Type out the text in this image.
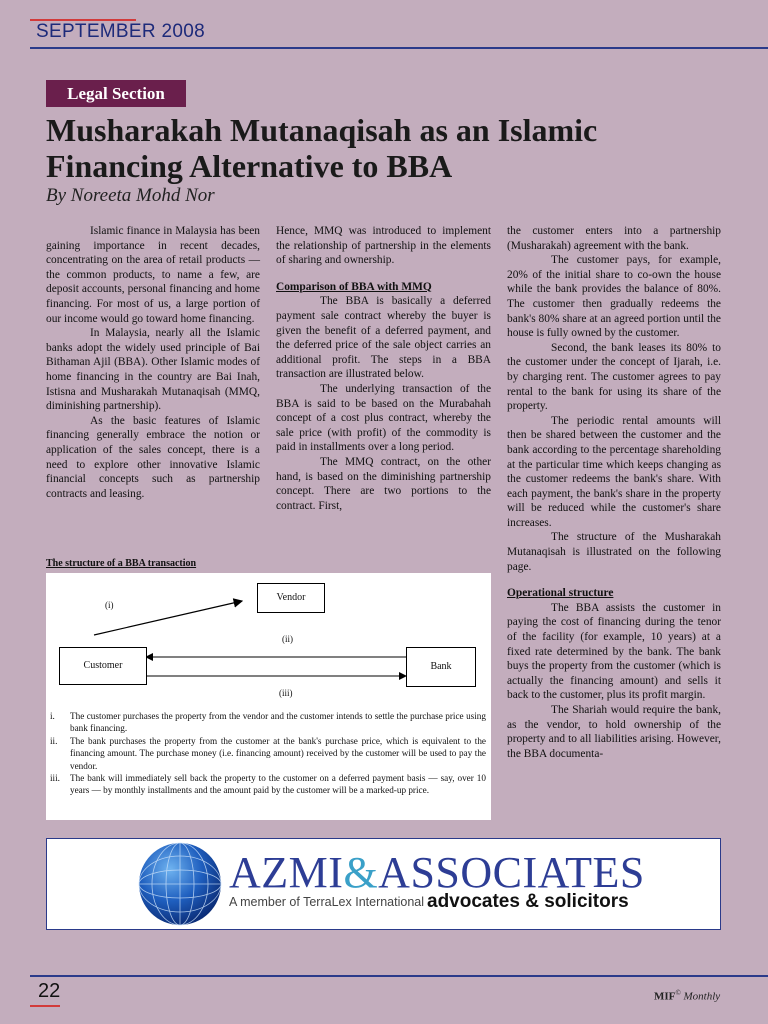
SEPTEMBER 2008
Legal Section
Musharakah Mutanaqisah as an Islamic
Financing Alternative to BBA
By Noreeta Mohd Nor

Islamic finance in Malaysia has been gaining importance in recent decades, concentrating on the area of retail products — the common products, to name a few, are deposit accounts, personal financing and home financing. For most of us, a large portion of our income would go toward home financing.

In Malaysia, nearly all the Islamic banks adopt the widely used principle of Bai Bithaman Ajil (BBA). Other Islamic modes of home financing in the country are Bai Inah, Istisna and Musharakah Mutanaqisah (MMQ, diminishing partnership).

As the basic features of Islamic financing generally embrace the notion or application of the sales concept, there is a need to explore other innovative Islamic financial concepts such as partnership contracts and leasing.

Hence, MMQ was introduced to implement the relationship of partnership in the elements of sharing and ownership.

Comparison of BBA with MMQ

The BBA is basically a deferred payment sale contract whereby the buyer is given the benefit of a deferred payment, and the deferred price of the sale object carries an additional profit. The steps in a BBA transaction are illustrated below.

The underlying transaction of the BBA is said to be based on the Murabahah concept of a cost plus contract, whereby the sale price (with profit) of the commodity is paid in installments over a long period.

The MMQ contract, on the other hand, is based on the diminishing partnership concept. There are two portions to the contract. First,

the customer enters into a partnership (Musharakah) agreement with the bank.

The customer pays, for example, 20% of the initial share to co-own the house while the bank provides the balance of 80%. The customer then gradually redeems the bank's 80% share at an agreed portion until the house is fully owned by the customer.

Second, the bank leases its 80% to the customer under the concept of Ijarah, i.e. by charging rent. The customer agrees to pay rental to the bank for using its share of the property.

The periodic rental amounts will then be shared between the customer and the bank according to the percentage shareholding at the particular time which keeps changing as the customer redeems the bank's share. With each payment, the bank's share in the property will be reduced while the customer's share increases.

The structure of the Musharakah Mutanaqisah is illustrated on the following page.

Operational structure

The BBA assists the customer in paying the cost of financing during the tenor of the facility (for example, 10 years) at a fixed rate determined by the bank. The bank buys the property from the customer (which is actually the financing amount) and sells it back to the customer, plus its profit margin.

The Shariah would require the bank, as the vendor, to hold ownership of the property and to all liabilities arising. However, the BBA documenta-

The structure of a BBA transaction
Vendor
Customer	Bank
(i)
(ii)
(iii)
i. The customer purchases the property from the vendor and the customer intends to settle the purchase price using bank financing.
ii. The bank purchases the property from the customer at the bank's purchase price, which is equivalent to the financing amount. The purchase money (i.e. financing amount) received by the customer will be used to pay the vendor.
iii. The bank will immediately sell back the property to the customer on a deferred payment basis — say, over 10 years — by monthly installments and the amount paid by the customer will be a marked-up price.
AZMI&ASSOCIATES
A member of TerraLex International advocates & solicitors
22	MIF© Monthly
